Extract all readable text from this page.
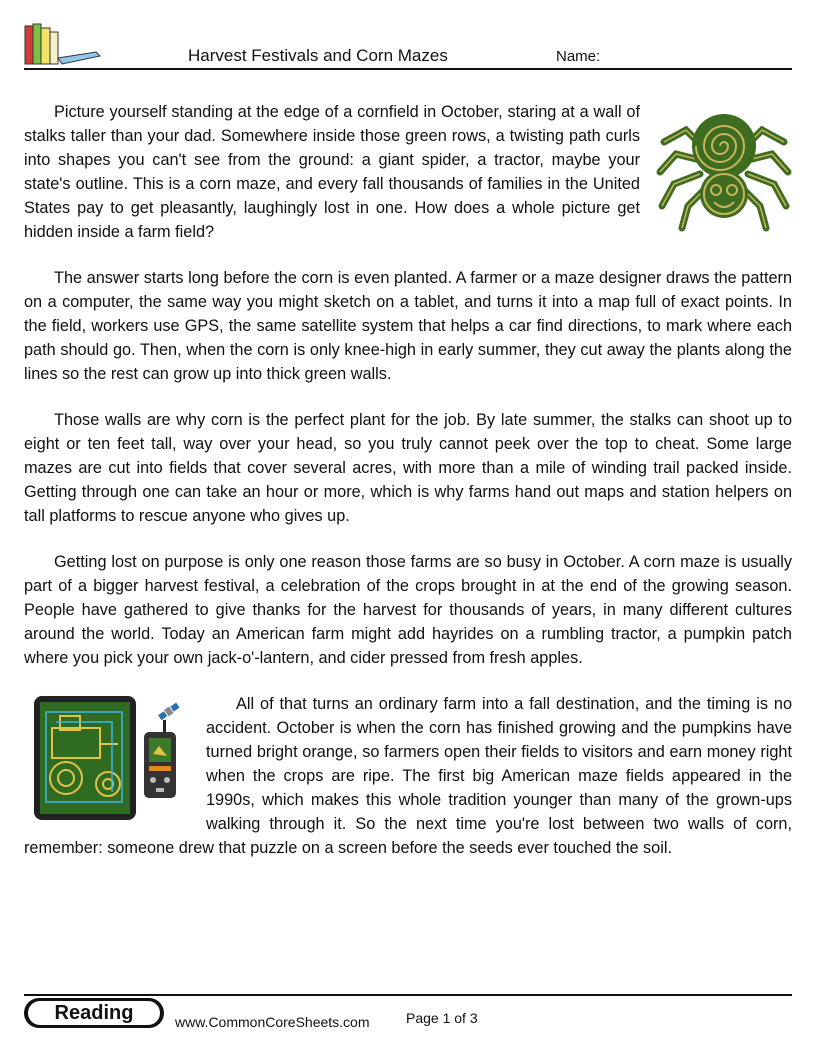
Harvest Festivals and Corn Mazes	Name:

Picture yourself standing at the edge of a cornfield in October, staring at a wall of stalks taller than your dad. Somewhere inside those green rows, a twisting path curls into shapes you can't see from the ground: a giant spider, a tractor, maybe your state's outline. This is a corn maze, and every fall thousands of families in the United States pay to get pleasantly, laughingly lost in one. How does a whole picture get hidden inside a farm field?

The answer starts long before the corn is even planted. A farmer or a maze designer draws the pattern on a computer, the same way you might sketch on a tablet, and turns it into a map full of exact points. In the field, workers use GPS, the same satellite system that helps a car find directions, to mark where each path should go. Then, when the corn is only knee-high in early summer, they cut away the plants along the lines so the rest can grow up into thick green walls.

Those walls are why corn is the perfect plant for the job. By late summer, the stalks can shoot up to eight or ten feet tall, way over your head, so you truly cannot peek over the top to cheat. Some large mazes are cut into fields that cover several acres, with more than a mile of winding trail packed inside. Getting through one can take an hour or more, which is why farms hand out maps and station helpers on tall platforms to rescue anyone who gives up.

Getting lost on purpose is only one reason those farms are so busy in October. A corn maze is usually part of a bigger harvest festival, a celebration of the crops brought in at the end of the growing season. People have gathered to give thanks for the harvest for thousands of years, in many different cultures around the world. Today an American farm might add hayrides on a rumbling tractor, a pumpkin patch where you pick your own jack-o'-lantern, and cider pressed from fresh apples.

All of that turns an ordinary farm into a fall destination, and the timing is no accident. October is when the corn has finished growing and the pumpkins have turned bright orange, so farmers open their fields to visitors and earn money right when the crops are ripe. The first big American maze fields appeared in the 1990s, which makes this whole tradition younger than many of the grown-ups walking through it. So the next time you're lost between two walls of corn, remember: someone drew that puzzle on a screen before the seeds ever touched the soil.

Reading	www.CommonCoreSheets.com	Page 1 of 3
